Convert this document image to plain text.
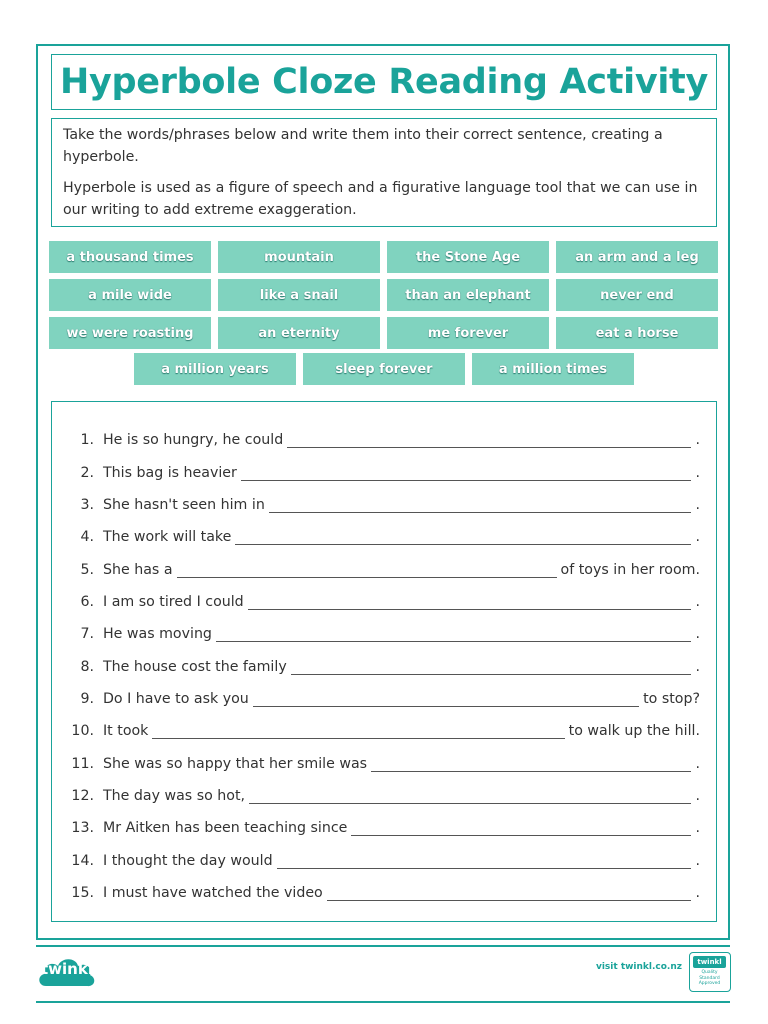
Hyperbole Cloze Reading Activity

Take the words/phrases below and write them into their correct sentence, creating a hyperbole.

Hyperbole is used as a figure of speech and a figurative language tool that we can use in our writing to add extreme exaggeration.

a thousand times	mountain	the Stone Age	an arm and a leg
a mile wide	like a snail	than an elephant	never end
we were roasting	an eternity	me forever	eat a horse
a million years	sleep forever	a million times
1. He is so hungry, he could	.
2. This bag is heavier	.
3. She hasn't seen him in	.
4. The work will take	.
5. She has a	of toys in her room.
6. I am so tired I could	.
7. He was moving	.
8. The house cost the family	.
9. Do I have to ask you	to stop?
10. It took	to walk up the hill.
11. She was so happy that her smile was	.
12. The day was so hot,	.
13. Mr Aitken has been teaching since	.
14. I thought the day would	.
15. I must have watched the video	.
twinkl	visit twinkl.co.nz	twinkl
Quality Standard Approved
